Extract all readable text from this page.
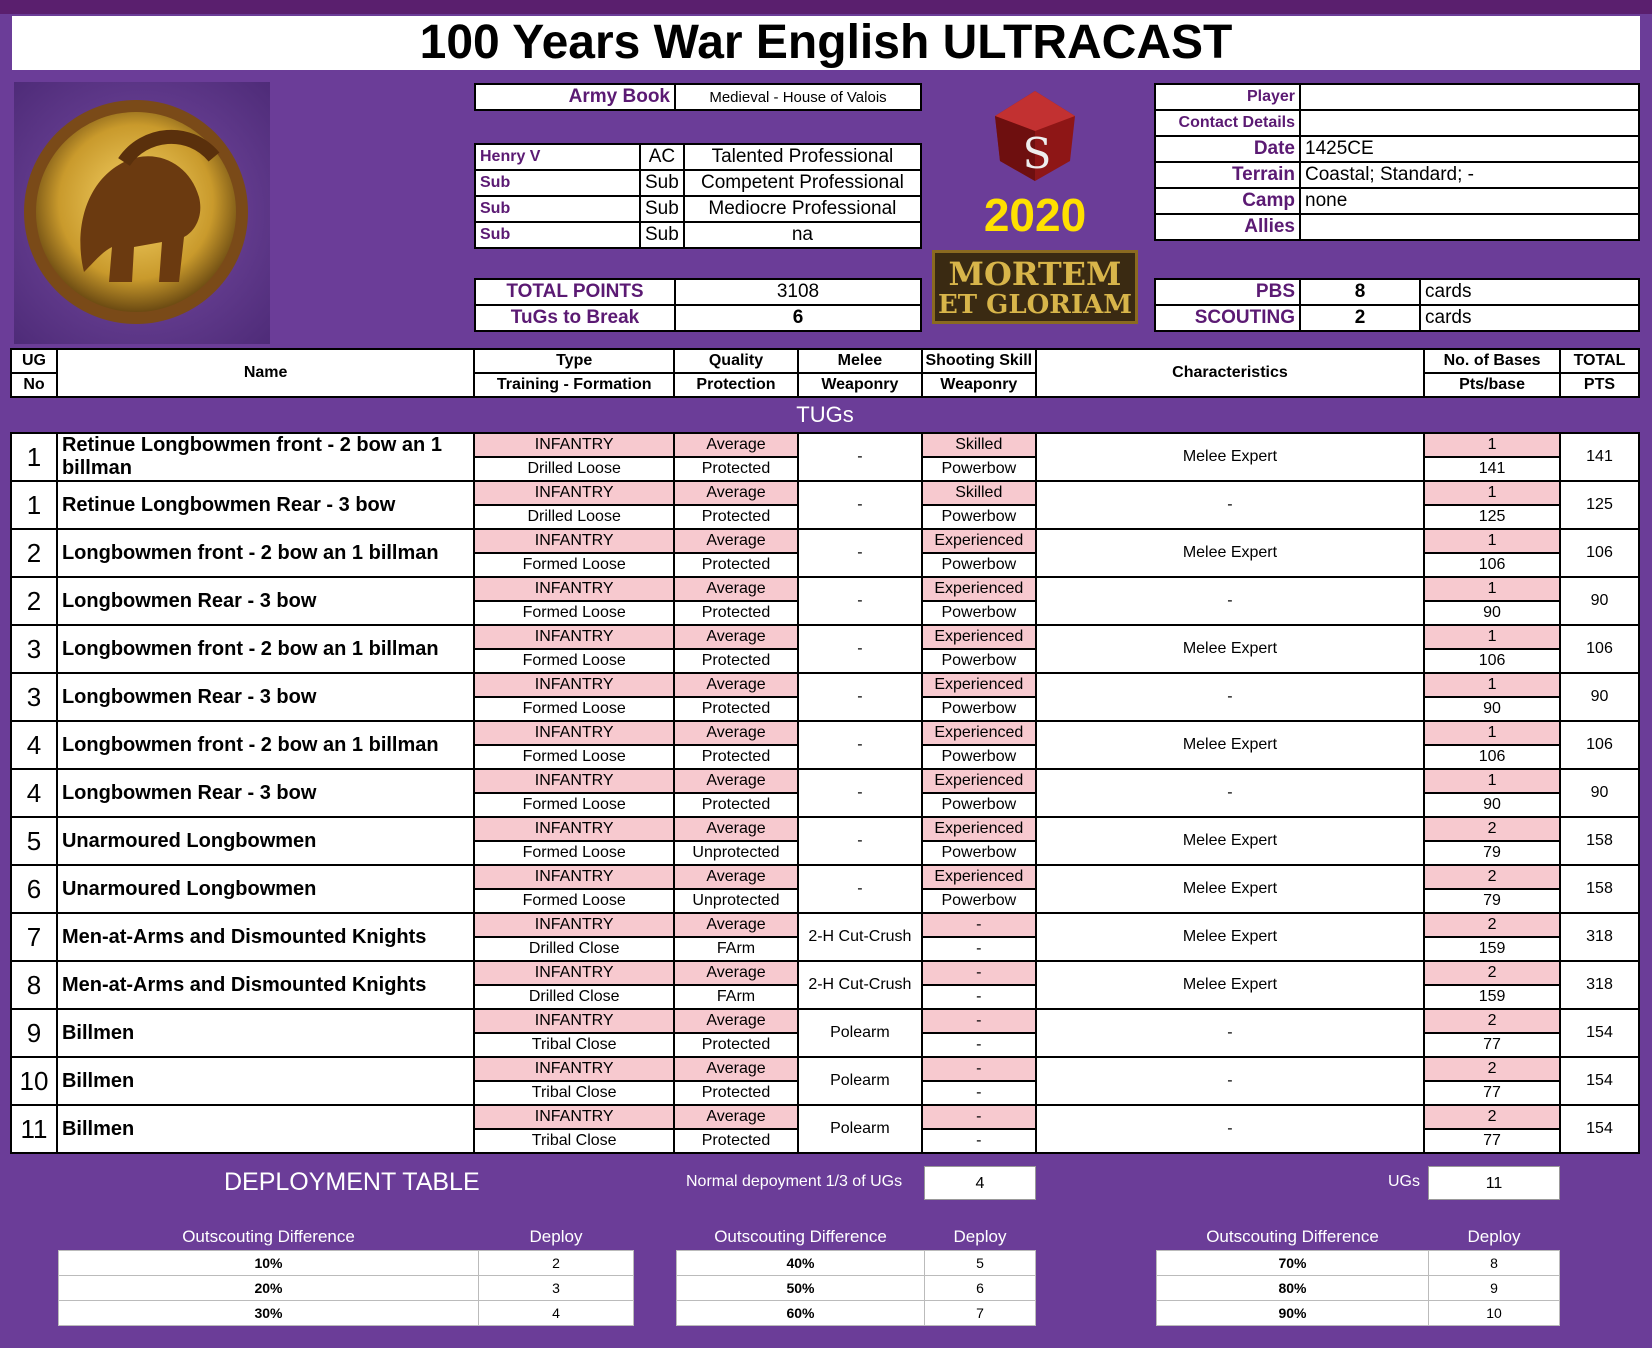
100 Years War English ULTRACAST
Army Book	Medieval - House of Valois
Henry V	AC	Talented Professional
Sub	Sub	Competent Professional
Sub	Sub	Mediocre Professional
Sub	Sub	na
TOTAL POINTS	3108
TuGs to Break	6
S
2020
MORTEM
ET GLORIAM
Player	
Contact Details	
Date	1425CE
Terrain	Coastal; Standard; -
Camp	none
Allies	
PBS	8	cards
SCOUTING	2	cards
UG	Name	Type	Quality	Melee	Shooting Skill	Characteristics	No. of Bases	TOTAL
No		Training - Formation	Protection	Weaponry	Weaponry		Pts/base	PTS
TUGs								
1	Retinue Longbowmen front - 2 bow an 1 billman	INFANTRY	Average	-	Skilled	Melee Expert	1	141
		Drilled Loose	Protected		Powerbow		141	
1	Retinue Longbowmen Rear - 3 bow	INFANTRY	Average	-	Skilled	-	1	125
		Drilled Loose	Protected		Powerbow		125	
2	Longbowmen front - 2 bow an 1 billman	INFANTRY	Average	-	Experienced	Melee Expert	1	106
		Formed Loose	Protected		Powerbow		106	
2	Longbowmen Rear - 3 bow	INFANTRY	Average	-	Experienced	-	1	90
		Formed Loose	Protected		Powerbow		90	
3	Longbowmen front - 2 bow an 1 billman	INFANTRY	Average	-	Experienced	Melee Expert	1	106
		Formed Loose	Protected		Powerbow		106	
3	Longbowmen Rear - 3 bow	INFANTRY	Average	-	Experienced	-	1	90
		Formed Loose	Protected		Powerbow		90	
4	Longbowmen front - 2 bow an 1 billman	INFANTRY	Average	-	Experienced	Melee Expert	1	106
		Formed Loose	Protected		Powerbow		106	
4	Longbowmen Rear - 3 bow	INFANTRY	Average	-	Experienced	-	1	90
		Formed Loose	Protected		Powerbow		90	
5	Unarmoured Longbowmen	INFANTRY	Average	-	Experienced	Melee Expert	2	158
		Formed Loose	Unprotected		Powerbow		79	
6	Unarmoured Longbowmen	INFANTRY	Average	-	Experienced	Melee Expert	2	158
		Formed Loose	Unprotected		Powerbow		79	
7	Men-at-Arms and Dismounted Knights	INFANTRY	Average	2-H Cut-Crush	-	Melee Expert	2	318
		Drilled Close	FArm		-		159	
8	Men-at-Arms and Dismounted Knights	INFANTRY	Average	2-H Cut-Crush	-	Melee Expert	2	318
		Drilled Close	FArm		-		159	
9	Billmen	INFANTRY	Average	Polearm	-	-	2	154
		Tribal Close	Protected		-		77	
10	Billmen	INFANTRY	Average	Polearm	-	-	2	154
		Tribal Close	Protected		-		77	
11	Billmen	INFANTRY	Average	Polearm	-	-	2	154
		Tribal Close	Protected		-		77	
DEPLOYMENT TABLE	Normal depoyment 1/3 of UGs	4	UGs	11
Outscouting Difference	Deploy
10%	2
20%	3
30%	4
Outscouting Difference	Deploy
40%	5
50%	6
60%	7
Outscouting Difference	Deploy
70%	8
80%	9
90%	10
